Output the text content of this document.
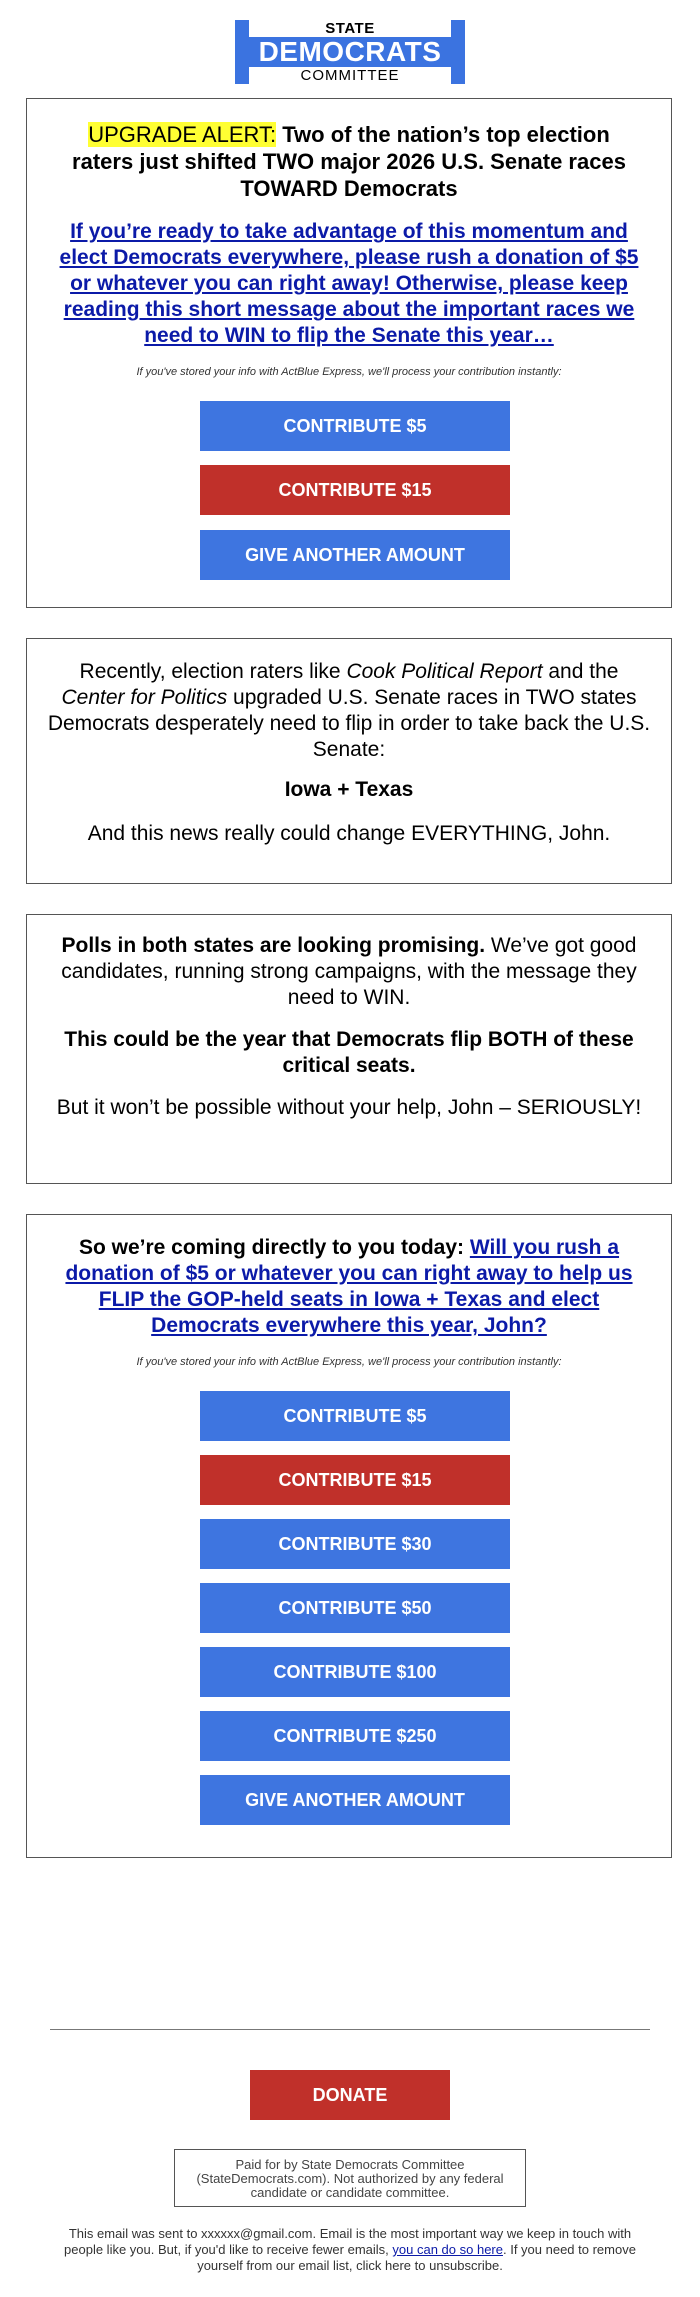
STATE
DEMOCRATS
COMMITTEE
UPGRADE ALERT: Two of the nation’s top election raters just shifted TWO major 2026 U.S. Senate races TOWARD Democrats
If you’re ready to take advantage of this momentum and elect Democrats everywhere, please rush a donation of $5 or whatever you can right away! Otherwise, please keep reading this short message about the important races we need to WIN to flip the Senate this year…
If you've stored your info with ActBlue Express, we'll process your contribution instantly:
CONTRIBUTE $5
CONTRIBUTE $15
GIVE ANOTHER AMOUNT
Recently, election raters like Cook Political Report and the Center for Politics upgraded U.S. Senate races in TWO states Democrats desperately need to flip in order to take back the U.S. Senate:
Iowa + Texas
And this news really could change EVERYTHING, John.
Polls in both states are looking promising. We’ve got good candidates, running strong campaigns, with the message they need to WIN.
This could be the year that Democrats flip BOTH of these critical seats.
But it won’t be possible without your help, John – SERIOUSLY!
So we’re coming directly to you today: Will you rush a donation of $5 or whatever you can right away to help us FLIP the GOP-held seats in Iowa + Texas and elect Democrats everywhere this year, John?
If you've stored your info with ActBlue Express, we'll process your contribution instantly:
CONTRIBUTE $5
CONTRIBUTE $15
CONTRIBUTE $30
CONTRIBUTE $50
CONTRIBUTE $100
CONTRIBUTE $250
GIVE ANOTHER AMOUNT
DONATE
Paid for by State Democrats Committee (StateDemocrats.com). Not authorized by any federal candidate or candidate committee.
This email was sent to xxxxxx@gmail.com. Email is the most important way we keep in touch with people like you. But, if you'd like to receive fewer emails, you can do so here. If you need to remove yourself from our email list, click here to unsubscribe.
